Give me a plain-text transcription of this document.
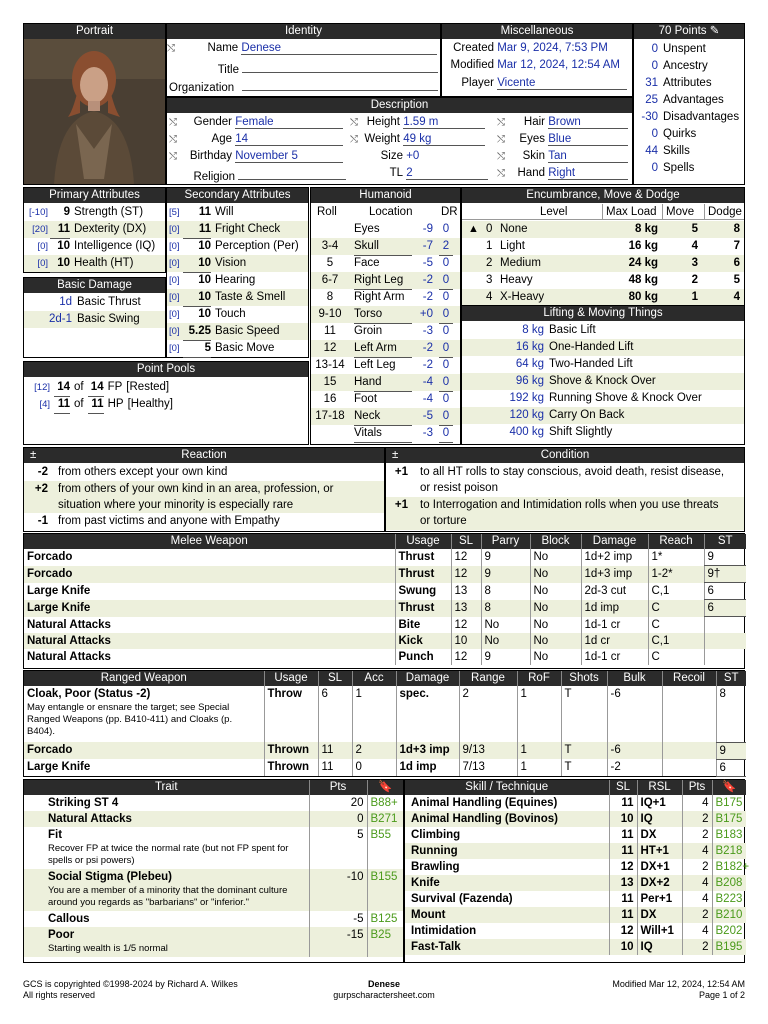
Portrait	Identity
⤭	Name Denese
Title
Organization
Miscellaneous
Created Mar 9, 2024, 7:53 PM
Modified Mar 12, 2024, 12:54 AM
Player Vicente
70 Points ✎
0 Unspent
0 Ancestry
31 Attributes
25 Advantages
-30 Disadvantages
0 Quirks
44 Skills
0 Spells
Description
⤭ Gender Female
⤭	Age 14
⤭ Birthday November 5
Religion
⤭ Height 1.59 m
⤭ Weight 49 kg
Size +0
TL 2
⤭ Hair Brown
⤭ Eyes Blue
⤭ Skin Tan
⤭ Hand Right
Primary Attributes
[-10] 9 Strength (ST)
[20] 11 Dexterity (DX)
[0] 10 Intelligence (IQ)
[0] 10 Health (HT)
Basic Damage
1d Basic Thrust
2d-1 Basic Swing
Secondary Attributes
[5] 11 Will
[0] 11 Fright Check
[0] 10 Perception (Per)
[0] 10 Vision
[0] 10 Hearing
[0] 10 Taste & Smell
[0] 10 Touch
[0] 5.25 Basic Speed
[0] 5 Basic Move
Point Pools
[12] 14 of 14 FP [Rested]
[4] 11 of 11 HP [Healthy]
Humanoid
Roll	Location DR
Eyes	-9 0
3-4	Skull	-7 2
5	Face	-5 0
6-7	Right Leg	-2 0
8	Right Arm	-2 0
9-10	Torso	+0 0
11	Groin	-3 0
12	Left Arm	-2 0
13-14 Left Leg	-2 0
15	Hand	-4 0
16	Foot	-4 0
17-18 Neck	-5 0
Vitals	-3 0
Encumbrance, Move & Dodge
Level	Max Load Move	Dodge
▲ 0 None	8 kg	5	8
1 Light	16 kg	4	7
2 Medium	24 kg	3	6
3 Heavy	48 kg	2	5
4 X-Heavy	80 kg	1	4
Lifting & Moving Things
8 kg Basic Lift
16 kg One-Handed Lift
64 kg Two-Handed Lift
96 kg Shove & Knock Over
192 kg Running Shove & Knock Over
120 kg Carry On Back
400 kg Shift Slightly
±	Reaction
-2 from others except your own kind
+2 from others of your own kind in an area, profession, or
situation where your minority is especially rare
-1 from past victims and anyone with Empathy
±	Condition
+1 to all HT rolls to stay conscious, avoid death, resist disease,
or resist poison
+1 to Interrogation and Intimidation rolls when you use threats
or torture
Melee Weapon	Usage	SL	Parry	Block	Damage	Reach	ST
Forcado	Thrust	12	9	No	1d+2 imp	1*	9
Forcado	Thrust	12	9	No	1d+3 imp	1-2*	9†
Large Knife	Swung	13	8	No	2d-3 cut	C,1	6
Large Knife	Thrust	13	8	No	1d imp	C	6
Natural Attacks	Bite	12	No	No	1d-1 cr	C	
Natural Attacks	Kick	10	No	No	1d cr	C,1	
Natural Attacks	Punch	12	9	No	1d-1 cr	C	
Ranged Weapon	Usage	SL	Acc	Damage	Range	RoF	Shots	Bulk	Recoil	ST

Cloak, Poor (Status -2)
May entangle or ensnare the target; see Special Ranged Weapons (pp. B410-411) and Cloaks (p. B404).	Throw	6	1	spec.	2	1	T	-6		8

Forcado	Thrown	11	2	1d+3 imp	9/13	1	T	-6		9

Large Knife	Thrown	11	0	1d imp	7/13	1	T	-2		6
Trait	Pts	🔖

Striking ST 4	20	B88+

Natural Attacks	0	B271

Fit
Recover FP at twice the normal rate (but not FP spent for spells or psi powers)	5	B55

Social Stigma (Plebeu)
You are a member of a minority that the dominant culture around you regards as "barbarians" or "inferior."	-10	B155

Callous	-5	B125

Poor
Starting wealth is 1/5 normal	-15	B25
Skill / Technique	SL	RSL	Pts	🔖
Animal Handling (Equines)	11	IQ+1	4	B175
Animal Handling (Bovinos)	10	IQ	2	B175
Climbing	11	DX	2	B183
Running	11	HT+1	4	B218
Brawling	12	DX+1	2	B182+
Knife	13	DX+2	4	B208
Survival (Fazenda)	11	Per+1	4	B223
Mount	11	DX	2	B210
Intimidation	12	Will+1	4	B202
Fast-Talk	10	IQ	2	B195
GCS is copyrighted ©1998-2024 by Richard A. Wilkes
All rights reserved
Denese
gurpscharactersheet.com
Modified Mar 12, 2024, 12:54 AM
Page 1 of 2
